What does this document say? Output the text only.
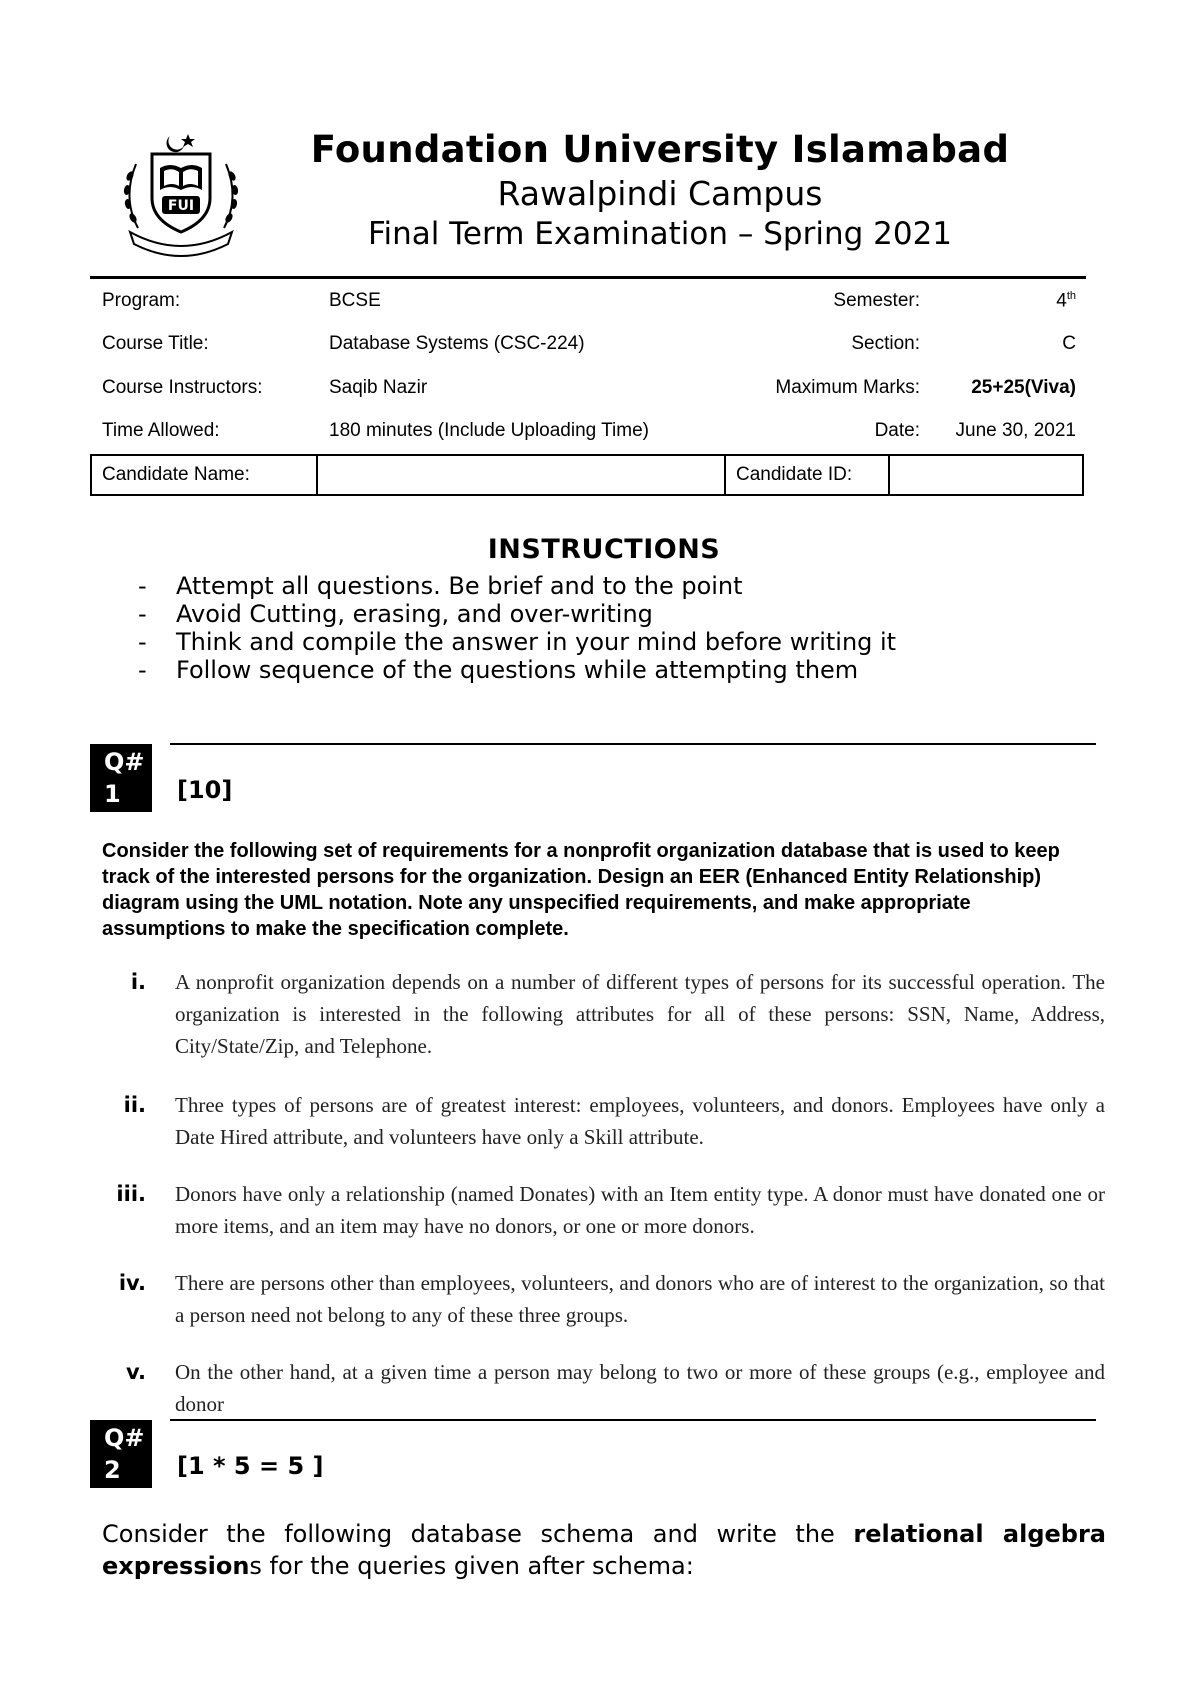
FUI
Foundation University Islamabad
Rawalpindi Campus
Final Term Examination – Spring 2021
Program:	BCSE	Semester:	4th
Course Title:	Database Systems (CSC-224)	Section:	C
Course Instructors:	Saqib Nazir	Maximum Marks:	25+25(Viva)
Time Allowed:	180 minutes (Include Uploading Time)	Date:	June 30, 2021
Candidate Name:	Candidate ID:
INSTRUCTIONS
- Attempt all questions. Be brief and to the point
- Avoid Cutting, erasing, and over-writing
- Think and compile the answer in your mind before writing it
- Follow sequence of the questions while attempting them
Q#
1	[10]
Consider the following set of requirements for a nonprofit organization database that is used to keep track of the interested persons for the organization. Design an EER (Enhanced Entity Relationship) diagram using the UML notation. Note any unspecified requirements, and make appropriate assumptions to make the specification complete.
i. A nonprofit organization depends on a number of different types of persons for its successful operation. The organization is interested in the following attributes for all of these persons: SSN, Name, Address, City/State/Zip, and Telephone.
ii. Three types of persons are of greatest interest: employees, volunteers, and donors. Employees have only a Date Hired attribute, and volunteers have only a Skill attribute.
iii. Donors have only a relationship (named Donates) with an Item entity type. A donor must have donated one or more items, and an item may have no donors, or one or more donors.
iv. There are persons other than employees, volunteers, and donors who are of interest to the organization, so that a person need not belong to any of these three groups.
v. On the other hand, at a given time a person may belong to two or more of these groups (e.g., employee and donor
Q#
2	[1 * 5 = 5 ]
Consider the following database schema and write the relational algebra expressions for the queries given after schema:
